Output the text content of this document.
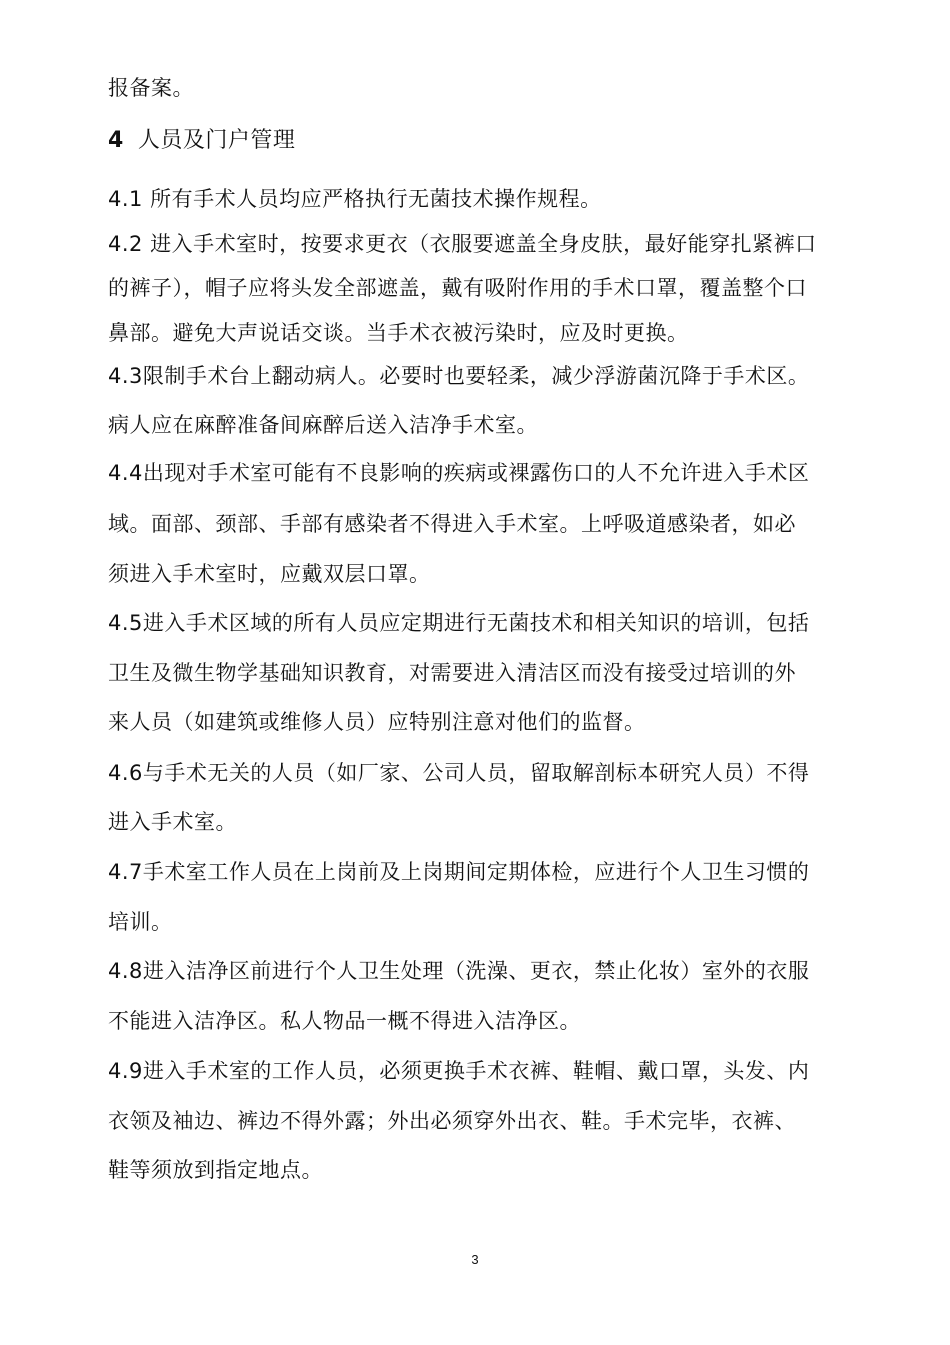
报备案。
4 人员及门户管理
4.1 所有手术人员均应严格执行无菌技术操作规程。
4.2 进入手术室时，按要求更衣（衣服要遮盖全身皮肤，最好能穿扎紧裤口
的裤子），帽子应将头发全部遮盖，戴有吸附作用的手术口罩，覆盖整个口
鼻部。避免大声说话交谈。当手术衣被污染时，应及时更换。
4.3限制手术台上翻动病人。必要时也要轻柔，减少浮游菌沉降于手术区。
病人应在麻醉准备间麻醉后送入洁净手术室。
4.4出现对手术室可能有不良影响的疾病或裸露伤口的人不允许进入手术区
域。面部、颈部、手部有感染者不得进入手术室。上呼吸道感染者，如必
须进入手术室时，应戴双层口罩。
4.5进入手术区域的所有人员应定期进行无菌技术和相关知识的培训，包括
卫生及微生物学基础知识教育，对需要进入清洁区而没有接受过培训的外
来人员（如建筑或维修人员）应特别注意对他们的监督。
4.6与手术无关的人员（如厂家、公司人员，留取解剖标本研究人员）不得
进入手术室。
4.7手术室工作人员在上岗前及上岗期间定期体检，应进行个人卫生习惯的
培训。
4.8进入洁净区前进行个人卫生处理（洗澡、更衣，禁止化妆）室外的衣服
不能进入洁净区。私人物品一概不得进入洁净区。
4.9进入手术室的工作人员，必须更换手术衣裤、鞋帽、戴口罩，头发、内
衣领及袖边、裤边不得外露；外出必须穿外出衣、鞋。手术完毕，衣裤、
鞋等须放到指定地点。
3
